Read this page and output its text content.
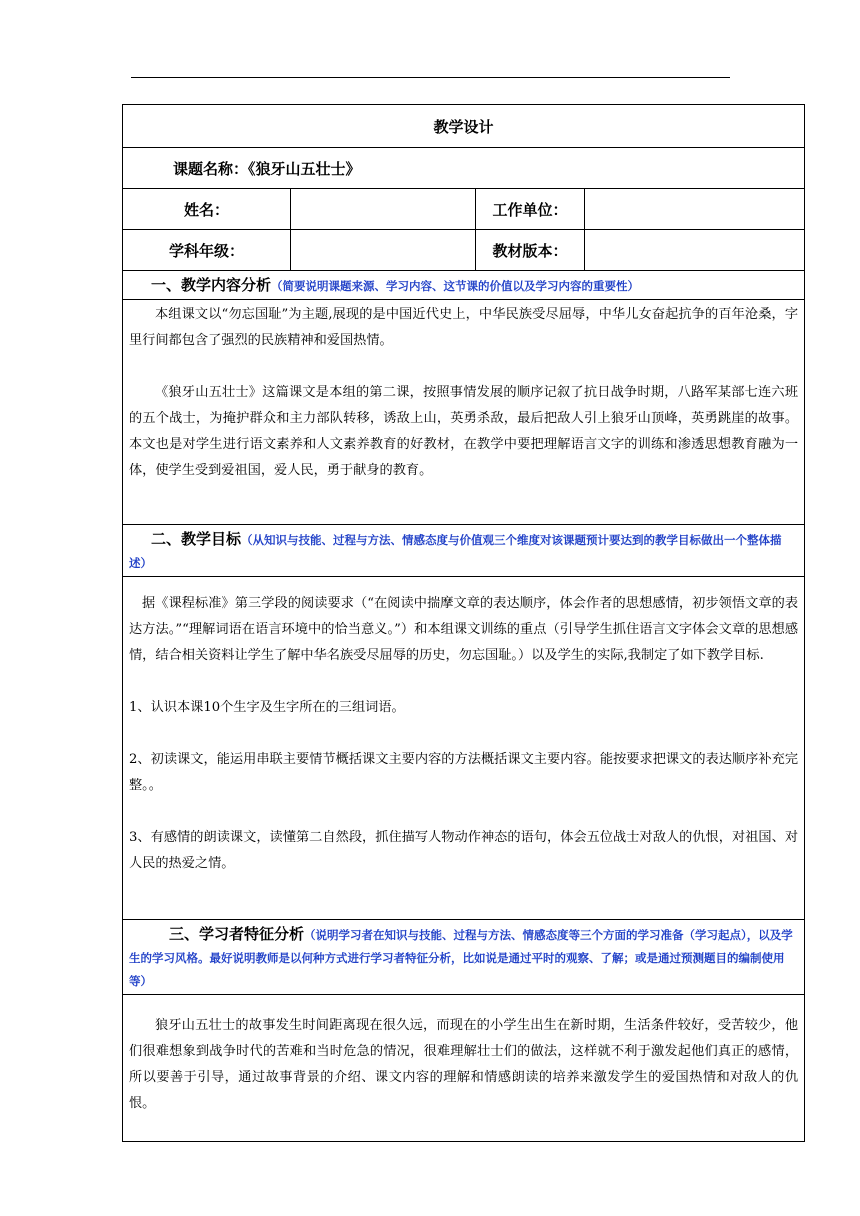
教学设计			
课题名称：《狼牙山五壮士》			
姓名：		工作单位：	
学科年级：		教材版本：	
一、教学内容分析（简要说明课题来源、学习内容、这节课的价值以及学习内容的重要性）			

本组课文以“勿忘国耻”为主题,展现的是中国近代史上，中华民族受尽屈辱，中华儿女奋起抗争的百年沧桑，字里行间都包含了强烈的民族精神和爱国热情。

《狼牙山五壮士》这篇课文是本组的第二课，按照事情发展的顺序记叙了抗日战争时期，八路军某部七连六班的五个战士，为掩护群众和主力部队转移，诱敌上山，英勇杀敌，最后把敌人引上狼牙山顶峰，英勇跳崖的故事。本文也是对学生进行语文素养和人文素养教育的好教材，在教学中要把理解语言文字的训练和渗透思想教育融为一体，使学生受到爱祖国，爱人民，勇于献身的教育。			

二、教学目标（从知识与技能、过程与方法、情感态度与价值观三个维度对该课题预计要达到的教学目标做出一个整体描述）			

据《课程标准》第三学段的阅读要求（“在阅读中揣摩文章的表达顺序，体会作者的思想感情，初步领悟文章的表达方法。”“理解词语在语言环境中的恰当意义。”）和本组课文训练的重点（引导学生抓住语言文字体会文章的思想感情，结合相关资料让学生了解中华名族受尽屈辱的历史，勿忘国耻。）以及学生的实际,我制定了如下教学目标.

1、认识本课10个生字及生字所在的三组词语。

2、初读课文，能运用串联主要情节概括课文主要内容的方法概括课文主要内容。能按要求把课文的表达顺序补充完整。。

3、有感情的朗读课文，读懂第二自然段，抓住描写人物动作神态的语句，体会五位战士对敌人的仇恨，对祖国、对人民的热爱之情。			

三、学习者特征分析（说明学习者在知识与技能、过程与方法、情感态度等三个方面的学习准备（学习起点），以及学生的学习风格。最好说明教师是以何种方式进行学习者特征分析，比如说是通过平时的观察、了解；或是通过预测题目的编制使用等）			

狼牙山五壮士的故事发生时间距离现在很久远，而现在的小学生出生在新时期，生活条件较好，受苦较少，他们很难想象到战争时代的苦难和当时危急的情况，很难理解壮士们的做法，这样就不利于激发起他们真正的感情，所以要善于引导，通过故事背景的介绍、课文内容的理解和情感朗读的培养来激发学生的爱国热情和对敌人的仇恨。			
